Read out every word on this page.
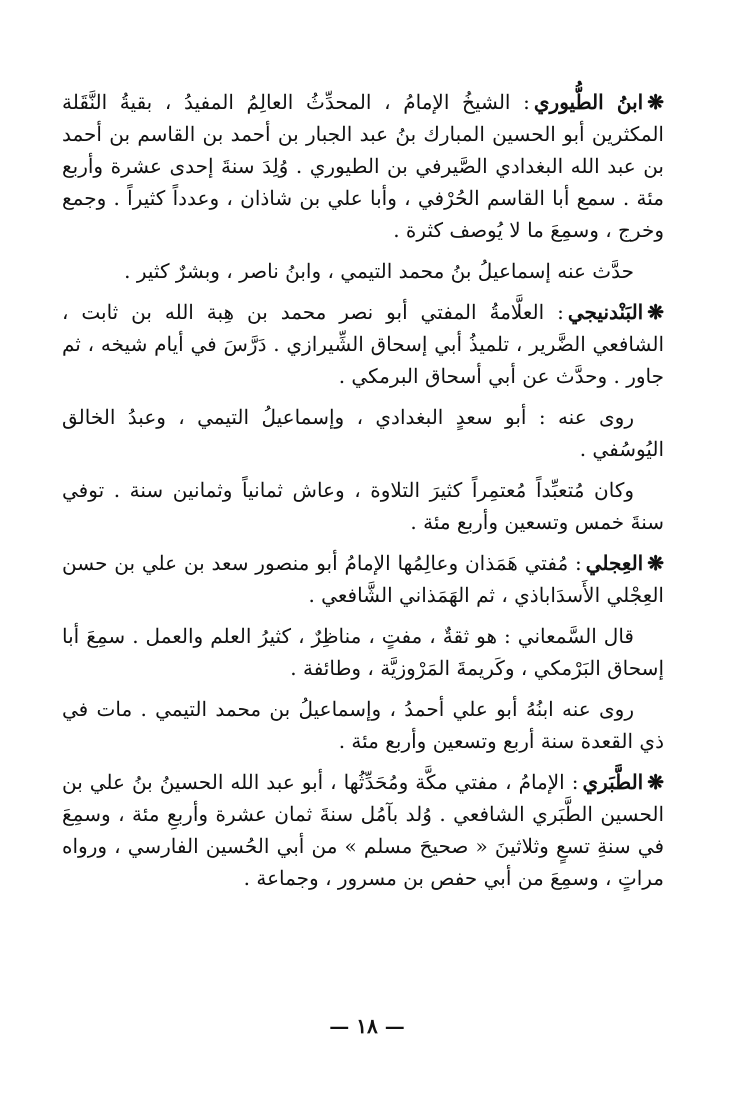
❋ابنُ الطُّيوري: الشيخُ الإمامُ ، المحدِّثُ العالِمُ المفيدُ ، بقيةُ النَّقَلة المكثرين أبو الحسين المبارك بنُ عبد الجبار بن أحمد بن القاسم بن أحمد بن عبد الله البغدادي الصَّيرفي بن الطيوري . وُلِدَ سنةَ إحدى عشرة وأربع مئة . سمع أبا القاسم الحُرْفي ، وأبا علي بن شاذان ، وعدداً كثيراً . وجمع وخرج ، وسمِعَ ما لا يُوصف كثرة .

حدَّث عنه إسماعيلُ بنُ محمد التيمي ، وابنُ ناصر ، وبشرٌ كثير .

❋البَنْدنيجي: العلَّامةُ المفتي أبو نصر محمد بن هِبة الله بن ثابت ، الشافعي الضَّرير ، تلميذُ أبي إسحاق الشِّيرازي . دَرَّسَ في أيام شيخه ، ثم جاور . وحدَّث عن أبي أسحاق البرمكي .

روى عنه : أبو سعدٍ البغدادي ، وإسماعيلُ التيمي ، وعبدُ الخالق اليُوسُفي .

وكان مُتعبِّداً مُعتمِراً كثيرَ التلاوة ، وعاش ثمانياً وثمانين سنة . توفي سنةَ خمس وتسعين وأربع مئة .

❋العِجلي: مُفتي هَمَذان وعالِمُها الإمامُ أبو منصور سعد بن علي بن حسن العِجْلي الأَسدَاباذي ، ثم الهَمَذاني الشَّافعي .

قال السَّمعاني : هو ثقةٌ ، مفتٍ ، مناظِرٌ ، كثيرُ العلم والعمل . سمِعَ أبا إسحاق البَرْمكي ، وكَريمةَ المَرْوزيَّة ، وطائفة .

روى عنه ابنُهُ أبو علي أحمدُ ، وإسماعيلُ بن محمد التيمي . مات في ذي القعدة سنة أربع وتسعين وأربع مئة .

❋الطَّبَري: الإمامُ ، مفتي مكَّة ومُحَدِّثُها ، أبو عبد الله الحسينُ بنُ علي بن الحسين الطَّبَري الشافعي . وُلد بآمُل سنةَ ثمان عشرة وأربعِ مئة ، وسمِعَ في سنةِ تسعٍ وثلاثينَ « صحيحَ مسلم » من أبي الحُسين الفارسي ، ورواه مراتٍ ، وسمِعَ من أبي حفص بن مسرور ، وجماعة .

— ١٨ —
